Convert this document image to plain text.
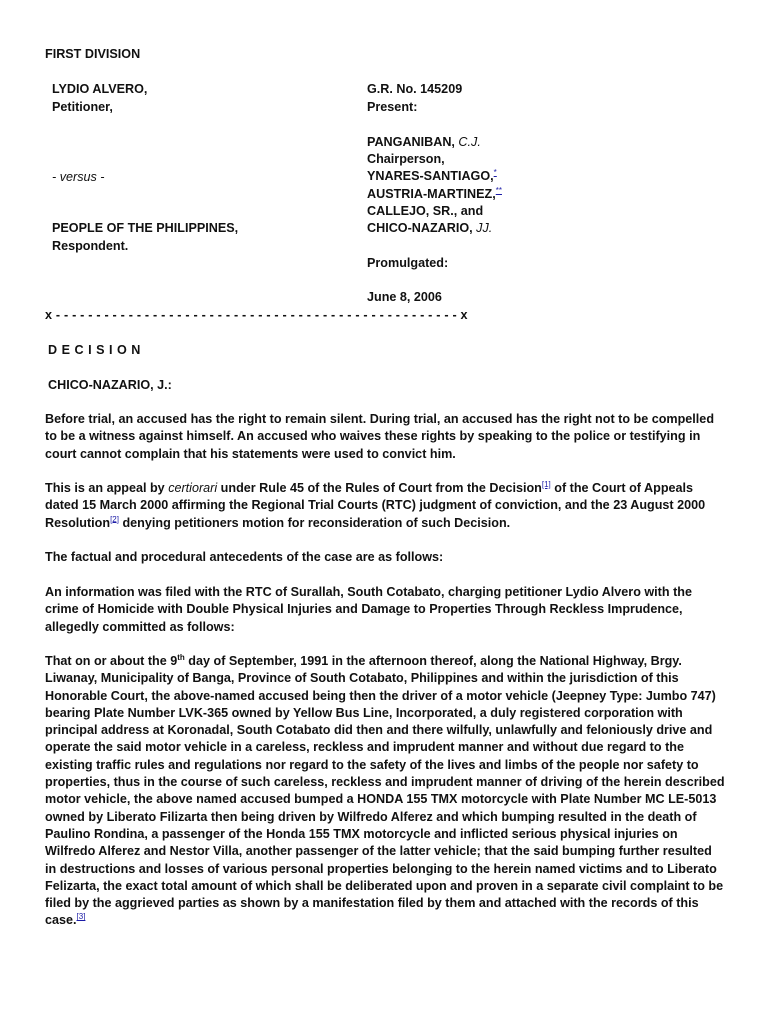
FIRST DIVISION
LYDIO ALVERO,
Petitioner,
- versus -
PEOPLE OF THE PHILIPPINES,
Respondent.
G.R. No. 145209
Present:
PANGANIBAN, C.J.
Chairperson,
YNARES-SANTIAGO,*
AUSTRIA-MARTINEZ,**
CALLEJO, SR., and
CHICO-NAZARIO, JJ.
Promulgated:
June 8, 2006
x - - - - - - - - - - - - - - - - - - - - - - - - - - - - - - - - - - - - - - - - - - - - - - - - - - x
D E C I S I O N
CHICO-NAZARIO, J.:

Before trial, an accused has the right to remain silent. During trial, an accused has the right not to be compelled to be a witness against himself. An accused who waives these rights by speaking to the police or testifying in court cannot complain that his statements were used to convict him.

This is an appeal by certiorari under Rule 45 of the Rules of Court from the Decision[1] of the Court of Appeals dated 15 March 2000 affirming the Regional Trial Courts (RTC) judgment of conviction, and the 23 August 2000 Resolution[2] denying petitioners motion for reconsideration of such Decision.

The factual and procedural antecedents of the case are as follows:

An information was filed with the RTC of Surallah, South Cotabato, charging petitioner Lydio Alvero with the crime of Homicide with Double Physical Injuries and Damage to Properties Through Reckless Imprudence, allegedly committed as follows:

That on or about the 9th day of September, 1991 in the afternoon thereof, along the National Highway, Brgy. Liwanay, Municipality of Banga, Province of South Cotabato, Philippines and within the jurisdiction of this Honorable Court, the above-named accused being then the driver of a motor vehicle (Jeepney Type: Jumbo 747) bearing Plate Number LVK-365 owned by Yellow Bus Line, Incorporated, a duly registered corporation with principal address at Koronadal, South Cotabato did then and there wilfully, unlawfully and feloniously drive and operate the said motor vehicle in a careless, reckless and imprudent manner and without due regard to the existing traffic rules and regulations nor regard to the safety of the lives and limbs of the people nor safety to properties, thus in the course of such careless, reckless and imprudent manner of driving of the herein described motor vehicle, the above named accused bumped a HONDA 155 TMX motorcycle with Plate Number MC LE-5013 owned by Liberato Filizarta then being driven by Wilfredo Alferez and which bumping resulted in the death of Paulino Rondina, a passenger of the Honda 155 TMX motorcycle and inflicted serious physical injuries on Wilfredo Alferez and Nestor Villa, another passenger of the latter vehicle; that the said bumping further resulted in destructions and losses of various personal properties belonging to the herein named victims and to Liberato Felizarta, the exact total amount of which shall be deliberated upon and proven in a separate civil complaint to be filed by the aggrieved parties as shown by a manifestation filed by them and attached with the records of this case.[3]
